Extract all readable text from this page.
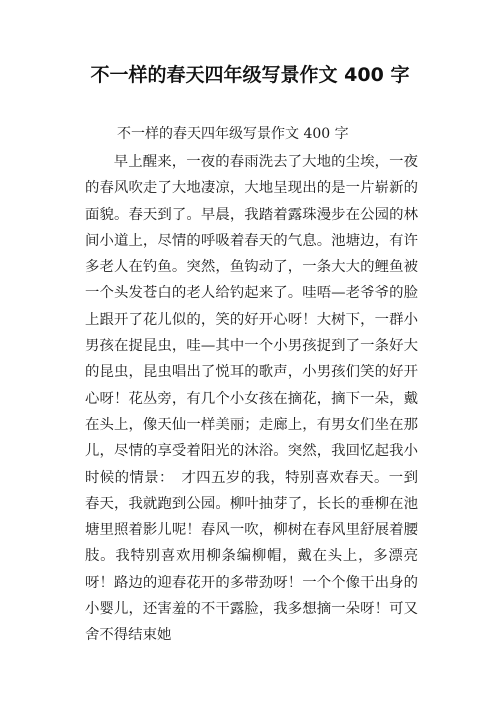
不一样的春天四年级写景作文 400 字

不一样的春天四年级写景作文 400 字

早上醒来，一夜的春雨洗去了大地的尘埃，一夜的春风吹走了大地凄凉，大地呈现出的是一片崭新的面貌。春天到了。早晨，我踏着露珠漫步在公园的林间小道上，尽情的呼吸着春天的气息。池塘边，有许多老人在钓鱼。突然，鱼钩动了，一条大大的鲤鱼被一个头发苍白的老人给钓起来了。哇唔—老爷爷的脸上跟开了花儿似的，笑的好开心呀！大树下，一群小男孩在捉昆虫，哇—其中一个小男孩捉到了一条好大的昆虫，昆虫唱出了悦耳的歌声，小男孩们笑的好开心呀！花丛旁，有几个小女孩在摘花，摘下一朵，戴在头上，像天仙一样美丽；走廊上，有男女们坐在那儿，尽情的享受着阳光的沐浴。突然，我回忆起我小时候的情景：　才四五岁的我，特别喜欢春天。一到春天，我就跑到公园。柳叶抽芽了，长长的垂柳在池塘里照着影儿呢！春风一吹，柳树在春风里舒展着腰肢。我特别喜欢用柳条编柳帽，戴在头上，多漂亮呀！路边的迎春花开的多带劲呀！一个个像干出身的小婴儿，还害羞的不干露脸，我多想摘一朵呀！可又舍不得结束她
